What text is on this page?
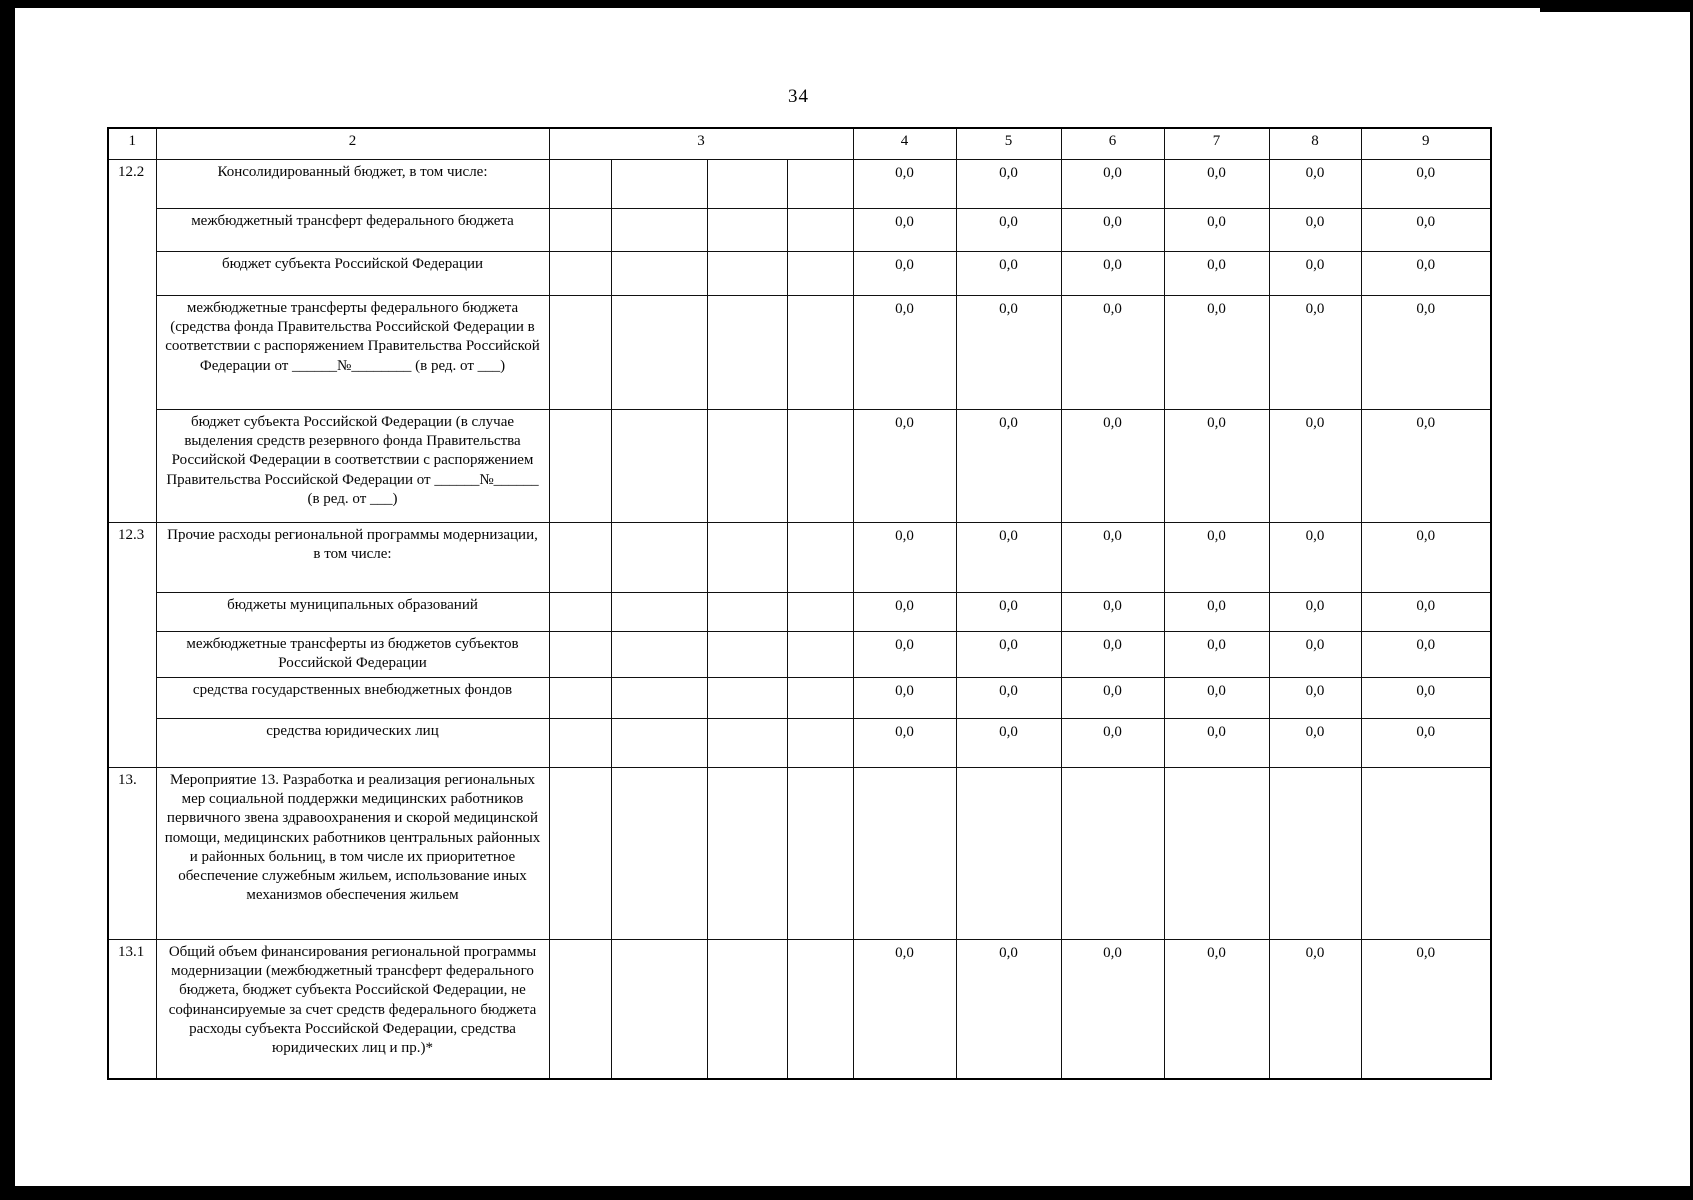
34
1	2	3				4	5	6	7	8	9
12.2	Консолидированный бюджет, в том числе:					0,0	0,0	0,0	0,0	0,0	0,0
	межбюджетный трансферт федерального бюджета					0,0	0,0	0,0	0,0	0,0	0,0
	бюджет субъекта Российской Федерации					0,0	0,0	0,0	0,0	0,0	0,0
	межбюджетные трансферты федерального бюджета (средства фонда Правительства Российской Федерации в соответствии с распоряжением Правительства Российской Федерации от ______№________ (в ред. от ___)					0,0	0,0	0,0	0,0	0,0	0,0
	бюджет субъекта Российской Федерации (в случае выделения средств резервного фонда Правительства Российской Федерации в соответствии с распоряжением Правительства Российской Федерации от ______№______ (в ред. от ___)					0,0	0,0	0,0	0,0	0,0	0,0
12.3	Прочие расходы региональной программы модернизации, в том числе:					0,0	0,0	0,0	0,0	0,0	0,0
	бюджеты муниципальных образований					0,0	0,0	0,0	0,0	0,0	0,0
	межбюджетные трансферты из бюджетов субъектов Российской Федерации					0,0	0,0	0,0	0,0	0,0	0,0
	средства государственных внебюджетных фондов					0,0	0,0	0,0	0,0	0,0	0,0
	средства юридических лиц					0,0	0,0	0,0	0,0	0,0	0,0
13.	Мероприятие 13. Разработка и реализация региональных мер социальной поддержки медицинских работников первичного звена здравоохранения и скорой медицинской помощи, медицинских работников центральных районных и районных больниц, в том числе их приоритетное обеспечение служебным жильем, использование иных механизмов обеспечения жильем										
13.1	Общий объем финансирования региональной программы модернизации (межбюджетный трансферт федерального бюджета, бюджет субъекта Российской Федерации, не софинансируемые за счет средств федерального бюджета расходы субъекта Российской Федерации, средства юридических лиц и пр.)*					0,0	0,0	0,0	0,0	0,0	0,0
